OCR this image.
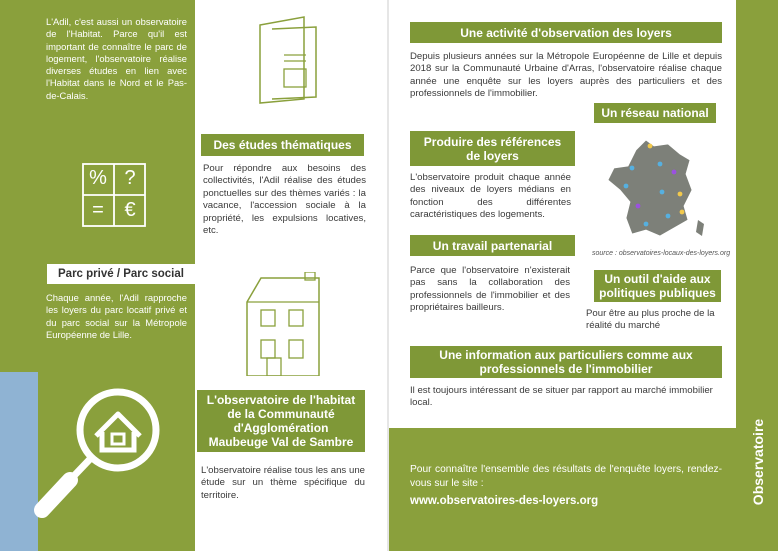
L'Adil, c'est aussi un observatoire de l'Habitat. Parce qu'il est important de connaître le parc de logement, l'observatoire réalise diverses études en lien avec l'Habitat dans le Nord et le Pas-de-Calais.
% ?
=	€
Parc privé / Parc social
Chaque année, l'Adil rapproche les loyers du parc locatif privé et du parc social sur la Métropole Européenne de Lille.
Des études thématiques
Pour répondre aux besoins des collectivités, l'Adil réalise des études ponctuelles sur des thèmes variés : la vacance, l'accession sociale à la propriété, les expulsions locatives, etc.
L'observatoire de l'habitat de la Communauté d'Agglomération Maubeuge Val de Sambre
L'observatoire réalise tous les ans une étude sur un thème spécifique du territoire.
Une activité d'observation des loyers
Depuis plusieurs années sur la Métropole Européenne de Lille et depuis 2018 sur la Communauté Urbaine d'Arras, l'observatoire réalise chaque année une enquête sur les loyers auprès des particuliers et des professionnels de l'immobilier.
Un réseau national
Produire des références de loyers
L'observatoire produit chaque année des niveaux de loyers médians en fonction des différentes caractéristiques des logements.
source : observatoires-locaux-des-loyers.org
Un travail partenarial
Parce que l'observatoire n'existerait pas sans la collaboration des professionnels de l'immobilier et des propriétaires bailleurs.
Un outil d'aide aux politiques publiques
Pour être au plus proche de la réalité du marché
Une information aux particuliers comme aux professionnels de l'immobilier
Il est toujours intéressant de se situer par rapport au marché immobilier local.
Observatoire
Pour connaître l'ensemble des résultats de l'enquête loyers, rendez-vous sur le site :
www.observatoires-des-loyers.org
